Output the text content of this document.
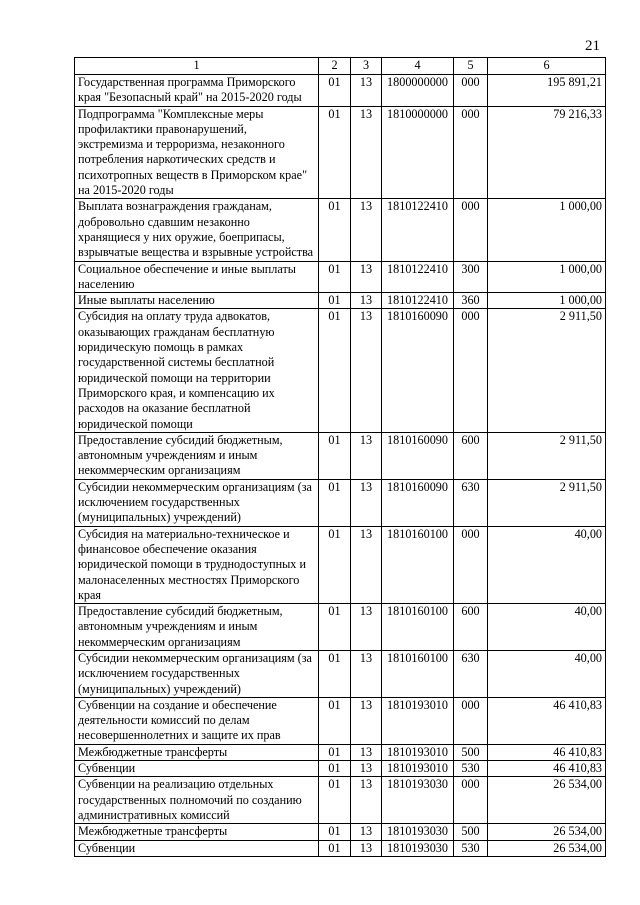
21
1	2	3	4	5	6
Государственная программа Приморского края "Безопасный край" на 2015-2020 годы	01	13	1800000000	000	195 891,21
Подпрограмма "Комплексные меры профилактики правонарушений, экстремизма и терроризма, незаконного потребления наркотических средств и психотропных веществ в Приморском крае" на 2015-2020 годы	01	13	1810000000	000	79 216,33
Выплата вознаграждения гражданам, добровольно сдавшим незаконно хранящиеся у них оружие, боеприпасы, взрывчатые вещества и взрывные устройства	01	13	1810122410	000	1 000,00
Социальное обеспечение и иные выплаты населению	01	13	1810122410	300	1 000,00
Иные выплаты населению	01	13	1810122410	360	1 000,00
Субсидия на оплату труда адвокатов, оказывающих гражданам бесплатную юридическую помощь в рамках государственной системы бесплатной юридической помощи на территории Приморского края, и компенсацию их расходов на оказание бесплатной юридической помощи	01	13	1810160090	000	2 911,50
Предоставление субсидий бюджетным, автономным учреждениям и иным некоммерческим организациям	01	13	1810160090	600	2 911,50
Субсидии некоммерческим организациям (за исключением государственных (муниципальных) учреждений)	01	13	1810160090	630	2 911,50
Субсидия на материально-техническое и финансовое обеспечение оказания юридической помощи в труднодоступных и малонаселенных местностях Приморского края	01	13	1810160100	000	40,00
Предоставление субсидий бюджетным, автономным учреждениям и иным некоммерческим организациям	01	13	1810160100	600	40,00
Субсидии некоммерческим организациям (за исключением государственных (муниципальных) учреждений)	01	13	1810160100	630	40,00
Субвенции на создание и обеспечение деятельности комиссий по делам несовершеннолетних и защите их прав	01	13	1810193010	000	46 410,83
Межбюджетные трансферты	01	13	1810193010	500	46 410,83
Субвенции	01	13	1810193010	530	46 410,83
Субвенции на реализацию отдельных государственных полномочий по созданию административных комиссий	01	13	1810193030	000	26 534,00
Межбюджетные трансферты	01	13	1810193030	500	26 534,00
Субвенции	01	13	1810193030	530	26 534,00
